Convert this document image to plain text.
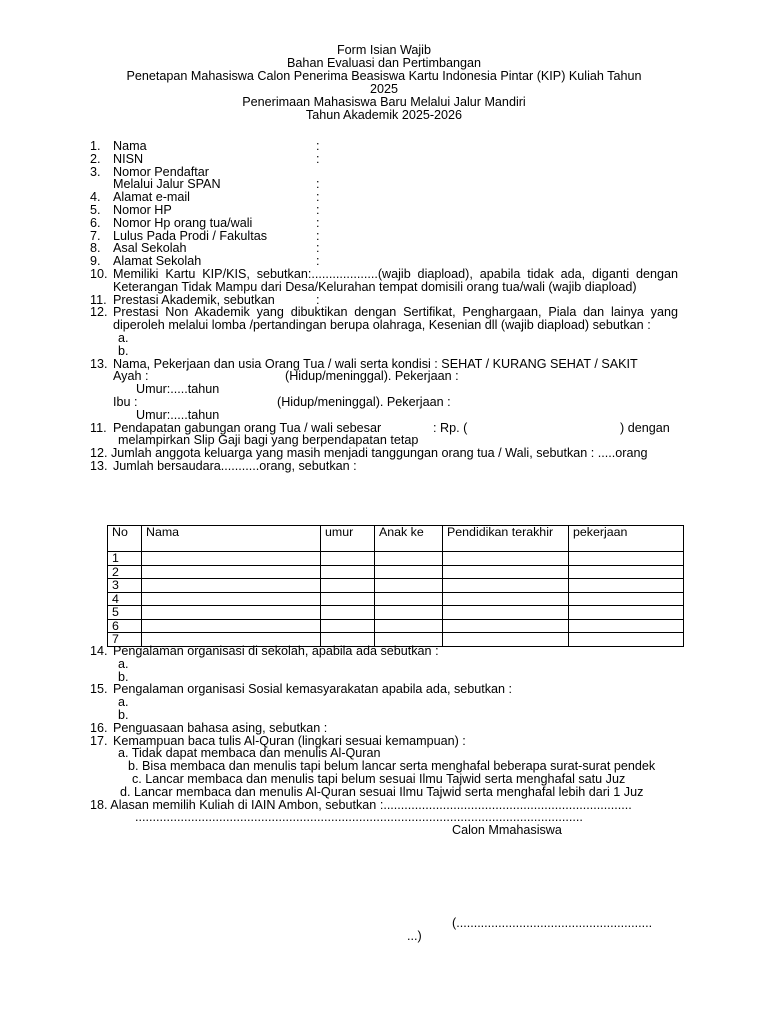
Form Isian Wajib
Bahan Evaluasi dan Pertimbangan
Penetapan Mahasiswa Calon Penerima Beasiswa Kartu Indonesia Pintar (KIP) Kuliah Tahun
2025
Penerimaan Mahasiswa Baru Melalui Jalur Mandiri
Tahun Akademik 2025-2026
1. Nama	:
2. NISN	:
3. Nomor Pendaftar
Melalui Jalur SPAN	:
4. Alamat e-mail	:
5. Nomor HP	:
6. Nomor Hp orang tua/wali	:
7. Lulus Pada Prodi / Fakultas	:
8. Asal Sekolah	:
9. Alamat Sekolah	:
10. Memiliki Kartu KIP/KIS, sebutkan:...................(wajib diapload), apabila tidak ada, diganti dengan Keterangan Tidak Mampu dari Desa/Kelurahan tempat domisili orang tua/wali (wajib diapload)
11. Prestasi Akademik, sebutkan	:
12. Prestasi Non Akademik yang dibuktikan dengan Sertifikat, Penghargaan, Piala dan lainya yang diperoleh melalui lomba /pertandingan berupa olahraga, Kesenian dll (wajib diapload) sebutkan :
a.
b.
13. Nama, Pekerjaan dan usia Orang Tua / wali serta kondisi : SEHAT / KURANG SEHAT / SAKIT
Ayah :	(Hidup/meninggal). Pekerjaan :
Umur:.....tahun
Ibu :	(Hidup/meninggal). Pekerjaan :
Umur:.....tahun
11. Pendapatan gabungan orang Tua / wali sebesar	: Rp. (	) dengan
melampirkan Slip Gaji bagi yang berpendapatan tetap
12. Jumlah anggota keluarga yang masih menjadi tanggungan orang tua / Wali, sebutkan : .....orang
13. Jumlah bersaudara...........orang, sebutkan :
No	Nama	umur	Anak ke	Pendidikan terakhir	pekerjaan
1					
2					
3					
4					
5					
6					
7					
14. Pengalaman organisasi di sekolah, apabila ada sebutkan :
a.
b.
15. Pengalaman organisasi Sosial kemasyarakatan apabila ada, sebutkan :
a.
b.
16. Penguasaan bahasa asing, sebutkan :
17. Kemampuan baca tulis Al-Quran (lingkari sesuai kemampuan) :
a. Tidak dapat membaca dan menulis Al-Quran
b. Bisa membaca dan menulis tapi belum lancar serta menghafal beberapa surat-surat pendek
c. Lancar membaca dan menulis tapi belum sesuai Ilmu Tajwid serta menghafal satu Juz
d. Lancar membaca dan menulis Al-Quran sesuai Ilmu Tajwid serta menghafal lebih dari 1 Juz
18. Alasan memilih Kuliah di IAIN Ambon, sebutkan :.......................................................................
................................................................................................................................
Calon Mmahasiswa
(........................................................
...)
